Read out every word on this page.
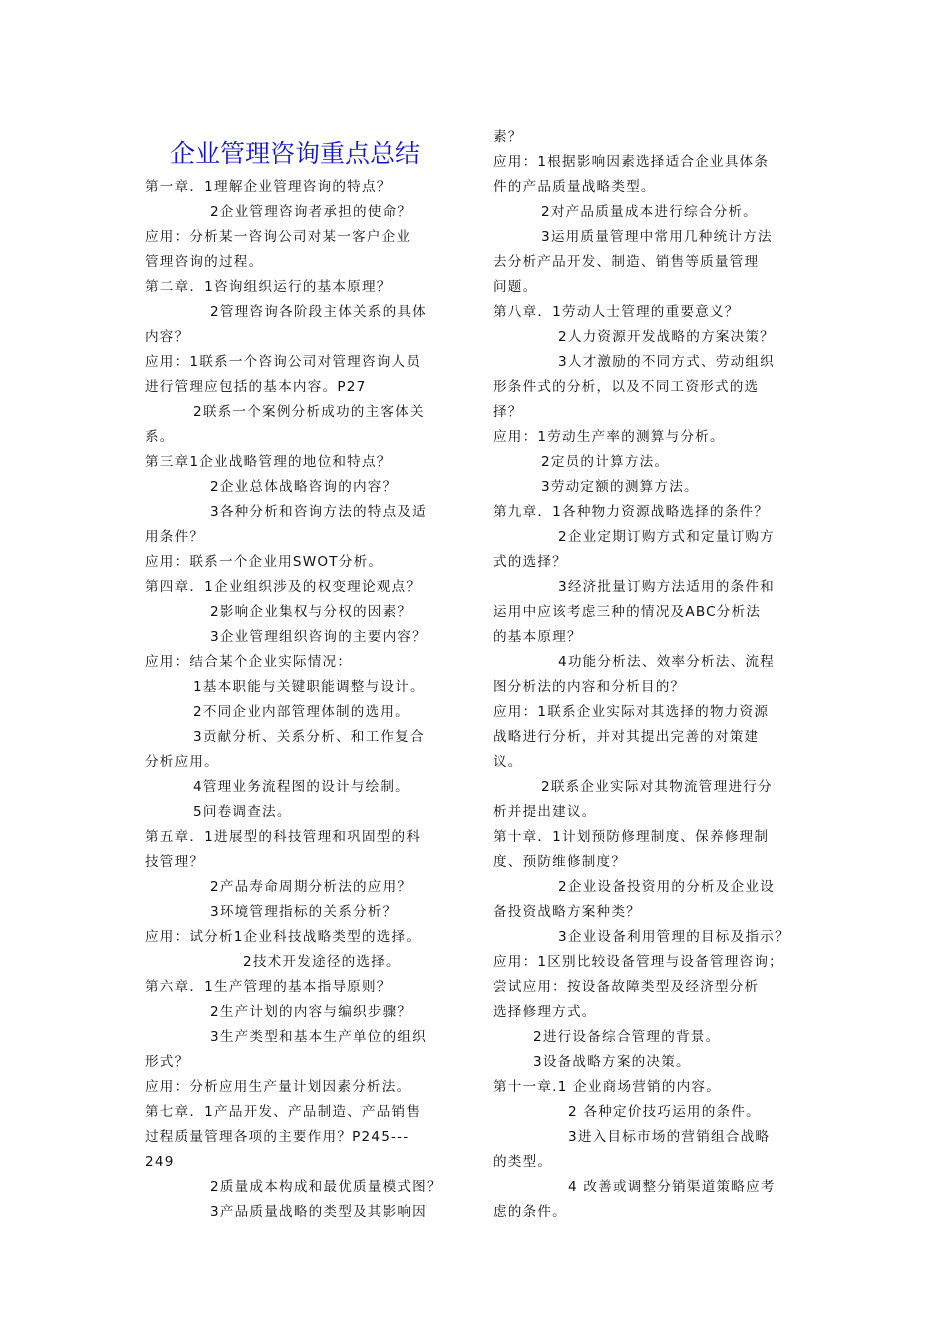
企业管理咨询重点总结
第一章．1理解企业管理咨询的特点？
2企业管理咨询者承担的使命？
应用：分析某一咨询公司对某一客户企业
管理咨询的过程。
第二章．1咨询组织运行的基本原理？
2管理咨询各阶段主体关系的具体
内容？
应用：1联系一个咨询公司对管理咨询人员
进行管理应包括的基本内容。P27
2联系一个案例分析成功的主客体关
系。
第三章1企业战略管理的地位和特点？
2企业总体战略咨询的内容？
3各种分析和咨询方法的特点及适
用条件？
应用：联系一个企业用SWOT分析。
第四章．1企业组织涉及的权变理论观点？
2影响企业集权与分权的因素？
3企业管理组织咨询的主要内容？
应用：结合某个企业实际情况：
1基本职能与关键职能调整与设计。
2不同企业内部管理体制的选用。
3贡献分析、关系分析、和工作复合
分析应用。
4管理业务流程图的设计与绘制。
5问卷调查法。
第五章．1进展型的科技管理和巩固型的科
技管理？
2产品寿命周期分析法的应用？
3环境管理指标的关系分析？
应用：试分析1企业科技战略类型的选择。
2技术开发途径的选择。
第六章．1生产管理的基本指导原则？
2生产计划的内容与编织步骤？
3生产类型和基本生产单位的组织
形式？
应用：分析应用生产量计划因素分析法。
第七章．1产品开发、产品制造、产品销售
过程质量管理各项的主要作用？P245---
249
2质量成本构成和最优质量模式图？
3产品质量战略的类型及其影响因
素？
应用：1根据影响因素选择适合企业具体条
件的产品质量战略类型。
2对产品质量成本进行综合分析。
3运用质量管理中常用几种统计方法
去分析产品开发、制造、销售等质量管理
问题。
第八章．1劳动人士管理的重要意义？
2人力资源开发战略的方案决策？
3人才激励的不同方式、劳动组织
形条件式的分析，以及不同工资形式的选
择？
应用：1劳动生产率的测算与分析。
2定员的计算方法。
3劳动定额的测算方法。
第九章．1各种物力资源战略选择的条件？
2企业定期订购方式和定量订购方
式的选择？
3经济批量订购方法适用的条件和
运用中应该考虑三种的情况及ABC分析法
的基本原理？
4功能分析法、效率分析法、流程
图分析法的内容和分析目的？
应用：1联系企业实际对其选择的物力资源
战略进行分析，并对其提出完善的对策建
议。
2联系企业实际对其物流管理进行分
析并提出建议。
第十章．1计划预防修理制度、保养修理制
度、预防维修制度？
2企业设备投资用的分析及企业设
备投资战略方案种类？
3企业设备利用管理的目标及指示？
应用：1区别比较设备管理与设备管理咨询；
尝试应用：按设备故障类型及经济型分析
选择修理方式。
2进行设备综合管理的背景。
3设备战略方案的决策。
第十一章.1 企业商场营销的内容。
2 各种定价技巧运用的条件。
3进入目标市场的营销组合战略
的类型。
4 改善或调整分销渠道策略应考
虑的条件。
